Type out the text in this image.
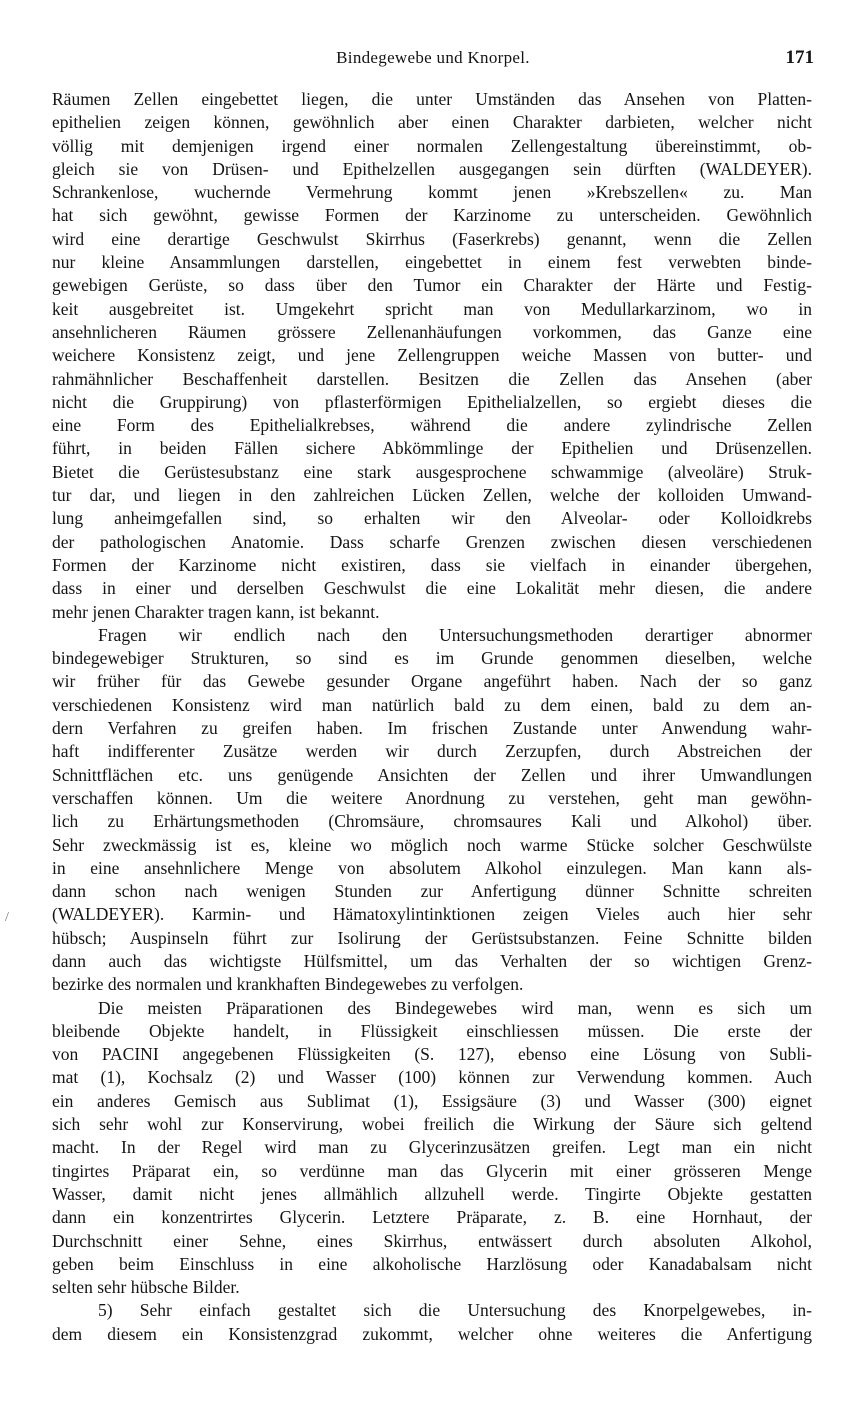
Bindegewebe und Knorpel.	171
/
Räumen Zellen eingebettet liegen, die unter Umständen das Ansehen von Platten-
epithelien zeigen können, gewöhnlich aber einen Charakter darbieten, welcher nicht
völlig mit demjenigen irgend einer normalen Zellengestaltung übereinstimmt, ob-
gleich sie von Drüsen- und Epithelzellen ausgegangen sein dürften (WALDEYER).
Schrankenlose, wuchernde Vermehrung kommt jenen »Krebszellen« zu. Man
hat sich gewöhnt, gewisse Formen der Karzinome zu unterscheiden. Gewöhnlich
wird eine derartige Geschwulst Skirrhus (Faserkrebs) genannt, wenn die Zellen
nur kleine Ansammlungen darstellen, eingebettet in einem fest verwebten binde-
gewebigen Gerüste, so dass über den Tumor ein Charakter der Härte und Festig-
keit ausgebreitet ist. Umgekehrt spricht man von Medullarkarzinom, wo in
ansehnlicheren Räumen grössere Zellenanhäufungen vorkommen, das Ganze eine
weichere Konsistenz zeigt, und jene Zellengruppen weiche Massen von butter- und
rahmähnlicher Beschaffenheit darstellen. Besitzen die Zellen das Ansehen (aber
nicht die Gruppirung) von pflasterförmigen Epithelialzellen, so ergiebt dieses die
eine Form des Epithelialkrebses, während die andere zylindrische Zellen
führt, in beiden Fällen sichere Abkömmlinge der Epithelien und Drüsenzellen.
Bietet die Gerüstesubstanz eine stark ausgesprochene schwammige (alveoläre) Struk-
tur dar, und liegen in den zahlreichen Lücken Zellen, welche der kolloiden Umwand-
lung anheimgefallen sind, so erhalten wir den Alveolar- oder Kolloidkrebs
der pathologischen Anatomie. Dass scharfe Grenzen zwischen diesen verschiedenen
Formen der Karzinome nicht existiren, dass sie vielfach in einander übergehen,
dass in einer und derselben Geschwulst die eine Lokalität mehr diesen, die andere
mehr jenen Charakter tragen kann, ist bekannt.
Fragen wir endlich nach den Untersuchungsmethoden derartiger abnormer
bindegewebiger Strukturen, so sind es im Grunde genommen dieselben, welche
wir früher für das Gewebe gesunder Organe angeführt haben. Nach der so ganz
verschiedenen Konsistenz wird man natürlich bald zu dem einen, bald zu dem an-
dern Verfahren zu greifen haben. Im frischen Zustande unter Anwendung wahr-
haft indifferenter Zusätze werden wir durch Zerzupfen, durch Abstreichen der
Schnittflächen etc. uns genügende Ansichten der Zellen und ihrer Umwandlungen
verschaffen können. Um die weitere Anordnung zu verstehen, geht man gewöhn-
lich zu Erhärtungsmethoden (Chromsäure, chromsaures Kali und Alkohol) über.
Sehr zweckmässig ist es, kleine wo möglich noch warme Stücke solcher Geschwülste
in eine ansehnlichere Menge von absolutem Alkohol einzulegen. Man kann als-
dann schon nach wenigen Stunden zur Anfertigung dünner Schnitte schreiten
(WALDEYER). Karmin- und Hämatoxylintinktionen zeigen Vieles auch hier sehr
hübsch; Auspinseln führt zur Isolirung der Gerüstsubstanzen. Feine Schnitte bilden
dann auch das wichtigste Hülfsmittel, um das Verhalten der so wichtigen Grenz-
bezirke des normalen und krankhaften Bindegewebes zu verfolgen.
Die meisten Präparationen des Bindegewebes wird man, wenn es sich um
bleibende Objekte handelt, in Flüssigkeit einschliessen müssen. Die erste der
von PACINI angegebenen Flüssigkeiten (S. 127), ebenso eine Lösung von Subli-
mat (1), Kochsalz (2) und Wasser (100) können zur Verwendung kommen. Auch
ein anderes Gemisch aus Sublimat (1), Essigsäure (3) und Wasser (300) eignet
sich sehr wohl zur Konservirung, wobei freilich die Wirkung der Säure sich geltend
macht. In der Regel wird man zu Glycerinzusätzen greifen. Legt man ein nicht
tingirtes Präparat ein, so verdünne man das Glycerin mit einer grösseren Menge
Wasser, damit nicht jenes allmählich allzuhell werde. Tingirte Objekte gestatten
dann ein konzentrirtes Glycerin. Letztere Präparate, z. B. eine Hornhaut, der
Durchschnitt einer Sehne, eines Skirrhus, entwässert durch absoluten Alkohol,
geben beim Einschluss in eine alkoholische Harzlösung oder Kanadabalsam nicht
selten sehr hübsche Bilder.
5) Sehr einfach gestaltet sich die Untersuchung des Knorpelgewebes, in-
dem diesem ein Konsistenzgrad zukommt, welcher ohne weiteres die Anfertigung
